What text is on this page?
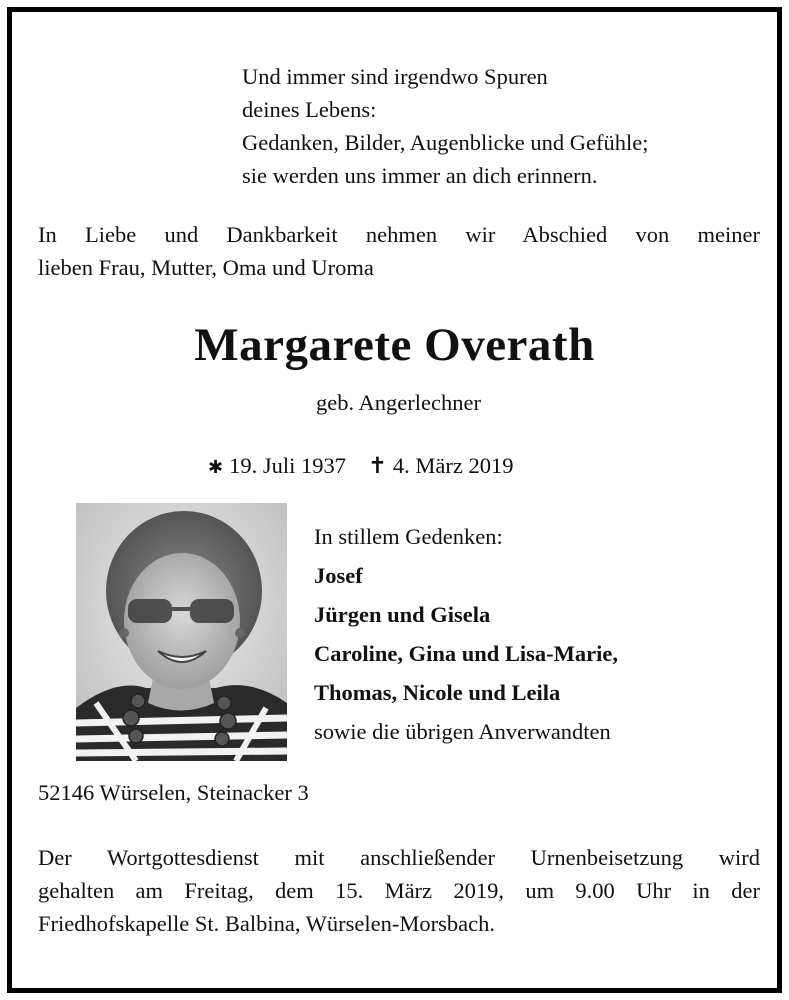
Und immer sind irgendwo Spuren
deines Lebens:
Gedanken, Bilder, Augenblicke und Gefühle;
sie werden uns immer an dich erinnern.
In Liebe und Dankbarkeit nehmen wir Abschied von meiner
lieben Frau, Mutter, Oma und Uroma
Margarete Overath
geb. Angerlechner
✱ 19. Juli 1937 ✝ 4. März 2019
In stillem Gedenken:
Josef
Jürgen und Gisela
Caroline, Gina und Lisa-Marie,
Thomas, Nicole und Leila
sowie die übrigen Anverwandten
52146 Würselen, Steinacker 3
Der Wortgottesdienst mit anschließender Urnenbeisetzung wird
gehalten am Freitag, dem 15. März 2019, um 9.00 Uhr in der
Friedhofskapelle St. Balbina, Würselen-Morsbach.
